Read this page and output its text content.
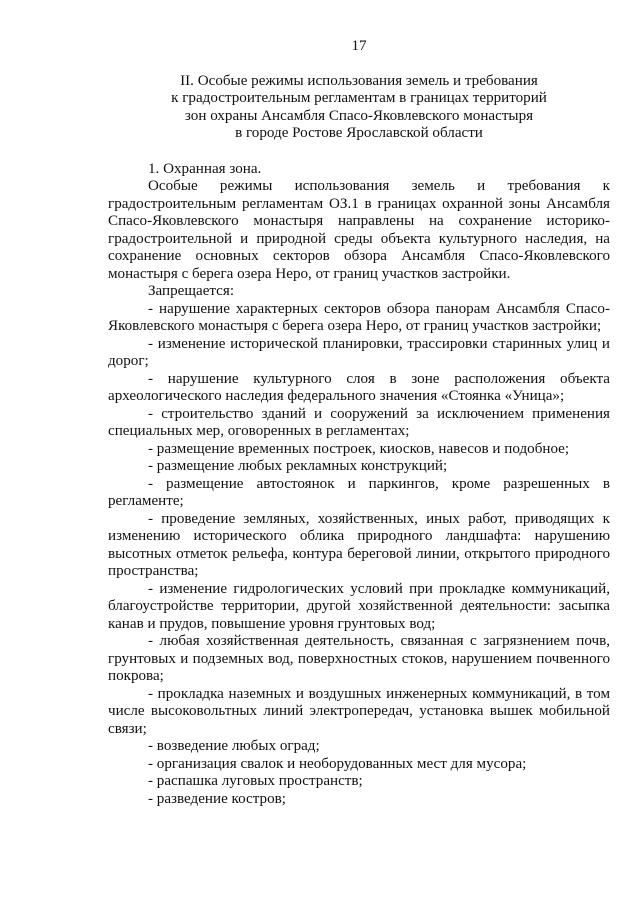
17
II. Особые режимы использования земель и требования
к градостроительным регламентам в границах территорий
зон охраны Ансамбля Спасо-Яковлевского монастыря
в городе Ростове Ярославской области

1. Охранная зона.

Особые режимы использования земель и требования к градостроительным регламентам ОЗ.1 в границах охранной зоны Ансамбля Спасо-Яковлевского монастыря направлены на сохранение историко-градостроительной и природной среды объекта культурного наследия, на сохранение основных секторов обзора Ансамбля Спасо-Яковлевского монастыря с берега озера Неро, от границ участков застройки.

Запрещается:

- нарушение характерных секторов обзора панорам Ансамбля Спасо-Яковлевского монастыря с берега озера Неро, от границ участков застройки;
- изменение исторической планировки, трассировки старинных улиц и дорог;
- нарушение культурного слоя в зоне расположения объекта археологического наследия федерального значения «Стоянка «Уница»;
- строительство зданий и сооружений за исключением применения специальных мер, оговоренных в регламентах;
- размещение временных построек, киосков, навесов и подобное;
- размещение любых рекламных конструкций;
- размещение автостоянок и паркингов, кроме разрешенных в регламенте;
- проведение земляных, хозяйственных, иных работ, приводящих к изменению исторического облика природного ландшафта: нарушению высотных отметок рельефа, контура береговой линии, открытого природного пространства;
- изменение гидрологических условий при прокладке коммуникаций, благоустройстве территории, другой хозяйственной деятельности: засыпка канав и прудов, повышение уровня грунтовых вод;
- любая хозяйственная деятельность, связанная с загрязнением почв, грунтовых и подземных вод, поверхностных стоков, нарушением почвенного покрова;
- прокладка наземных и воздушных инженерных коммуникаций, в том числе высоковольтных линий электропередач, установка вышек мобильной связи;
- возведение любых оград;
- организация свалок и необорудованных мест для мусора;
- распашка луговых пространств;
- разведение костров;
